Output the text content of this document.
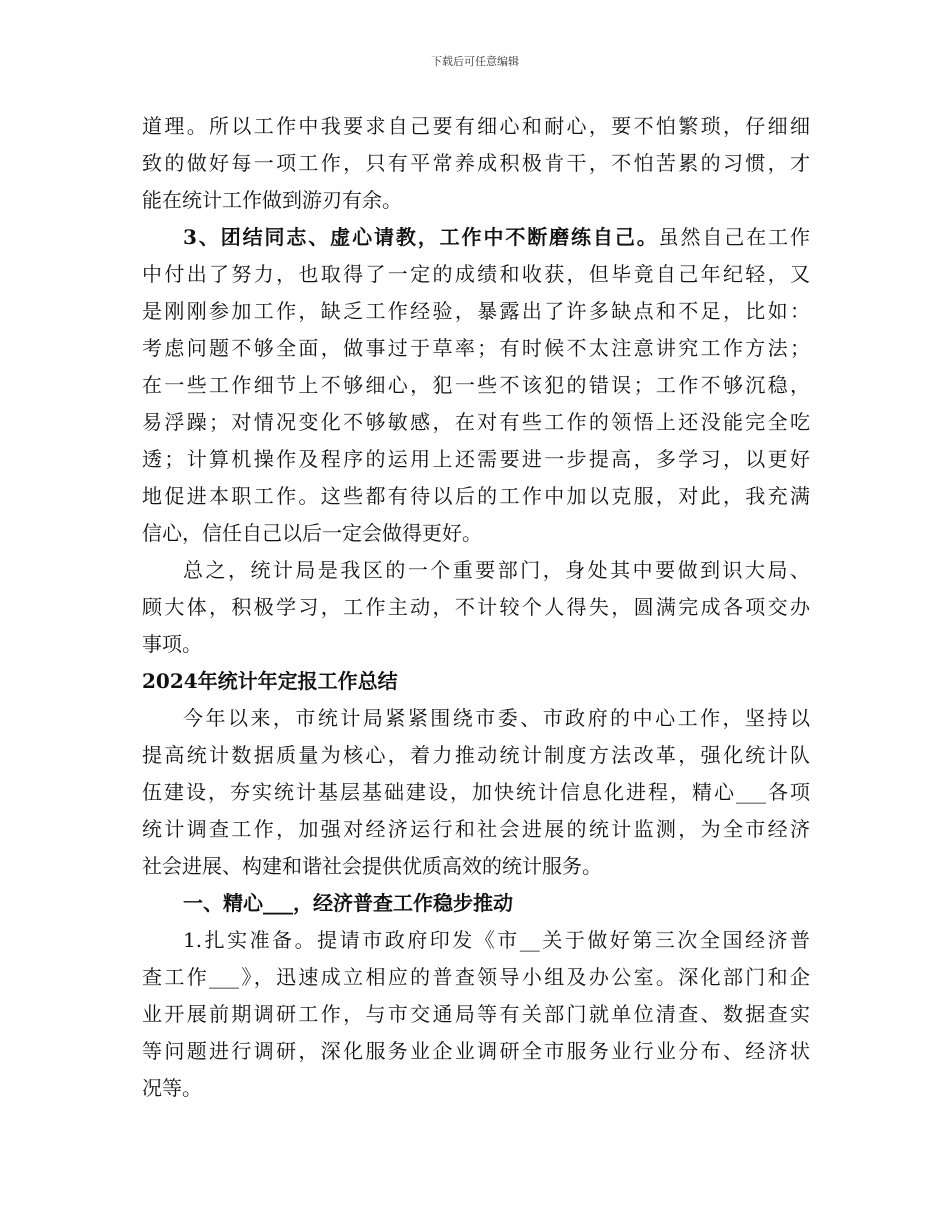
下载后可任意编辑
道理。所以工作中我要求自己要有细心和耐心，要不怕繁琐，仔细细
致的做好每一项工作，只有平常养成积极肯干，不怕苦累的习惯，才
能在统计工作做到游刃有余。
3、团结同志、虚心请教，工作中不断磨练自己。虽然自己在工作
中付出了努力，也取得了一定的成绩和收获，但毕竟自己年纪轻，又
是刚刚参加工作，缺乏工作经验，暴露出了许多缺点和不足，比如：
考虑问题不够全面，做事过于草率；有时候不太注意讲究工作方法；
在一些工作细节上不够细心，犯一些不该犯的错误；工作不够沉稳，
易浮躁；对情况变化不够敏感，在对有些工作的领悟上还没能完全吃
透；计算机操作及程序的运用上还需要进一步提高，多学习，以更好
地促进本职工作。这些都有待以后的工作中加以克服，对此，我充满
信心，信任自己以后一定会做得更好。
总之，统计局是我区的一个重要部门，身处其中要做到识大局、
顾大体，积极学习，工作主动，不计较个人得失，圆满完成各项交办
事项。
2024年统计年定报工作总结
今年以来，市统计局紧紧围绕市委、市政府的中心工作，坚持以
提高统计数据质量为核心，着力推动统计制度方法改革，强化统计队
伍建设，夯实统计基层基础建设，加快统计信息化进程，精心___各项
统计调查工作，加强对经济运行和社会进展的统计监测，为全市经济
社会进展、构建和谐社会提供优质高效的统计服务。
一、精心___，经济普查工作稳步推动
1.扎实准备。提请市政府印发《市__关于做好第三次全国经济普
查工作___》，迅速成立相应的普查领导小组及办公室。深化部门和企
业开展前期调研工作，与市交通局等有关部门就单位清查、数据查实
等问题进行调研，深化服务业企业调研全市服务业行业分布、经济状
况等。
